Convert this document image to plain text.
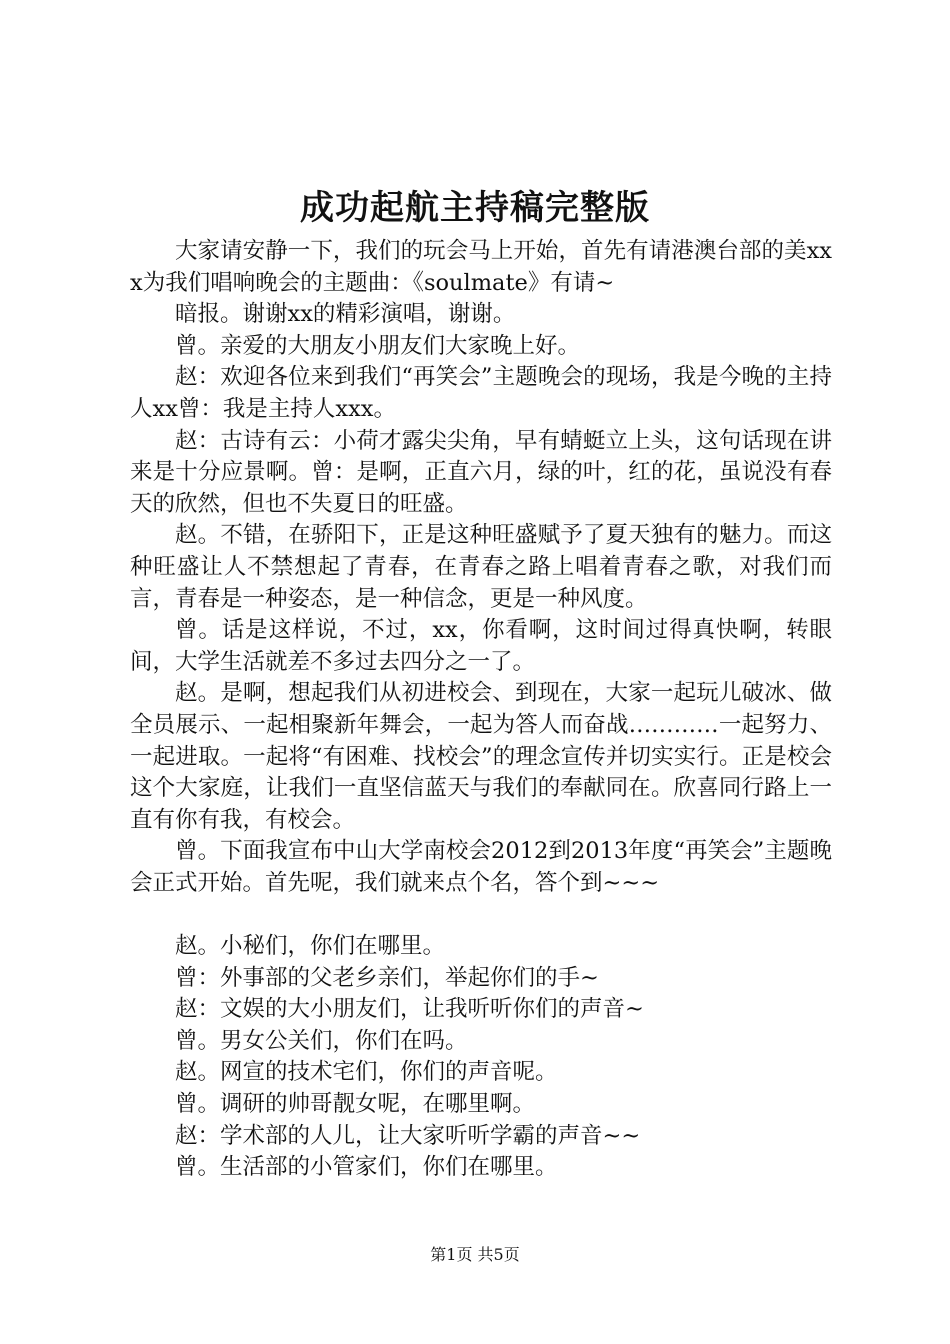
成功起航主持稿完整版

大家请安静一下，我们的玩会马上开始，首先有请港澳台部的美xxx为我们唱响晚会的主题曲：《soulmate》有请~

暗报。谢谢xx的精彩演唱，谢谢。

曾。亲爱的大朋友小朋友们大家晚上好。

赵：欢迎各位来到我们“再笑会”主题晚会的现场，我是今晚的主持人xx曾：我是主持人xxx。

赵：古诗有云：小荷才露尖尖角，早有蜻蜓立上头，这句话现在讲来是十分应景啊。曾：是啊，正直六月，绿的叶，红的花，虽说没有春天的欣然，但也不失夏日的旺盛。

赵。不错，在骄阳下，正是这种旺盛赋予了夏天独有的魅力。而这种旺盛让人不禁想起了青春，在青春之路上唱着青春之歌，对我们而言，青春是一种姿态，是一种信念，更是一种风度。

曾。话是这样说，不过，xx，你看啊，这时间过得真快啊，转眼间，大学生活就差不多过去四分之一了。

赵。是啊，想起我们从初进校会、到现在，大家一起玩儿破冰、做全员展示、一起相聚新年舞会，一起为答人而奋战…………一起努力、一起进取。一起将“有困难、找校会”的理念宣传并切实实行。正是校会这个大家庭，让我们一直坚信蓝天与我们的奉献同在。欣喜同行路上一直有你有我，有校会。

曾。下面我宣布中山大学南校会2012到2013年度“再笑会”主题晚会正式开始。首先呢，我们就来点个名，答个到~~~

赵。小秘们，你们在哪里。

曾：外事部的父老乡亲们，举起你们的手~

赵：文娱的大小朋友们，让我听听你们的声音~

曾。男女公关们，你们在吗。

赵。网宣的技术宅们，你们的声音呢。

曾。调研的帅哥靓女呢，在哪里啊。

赵：学术部的人儿，让大家听听学霸的声音~~

曾。生活部的小管家们，你们在哪里。

第1页 共5页
